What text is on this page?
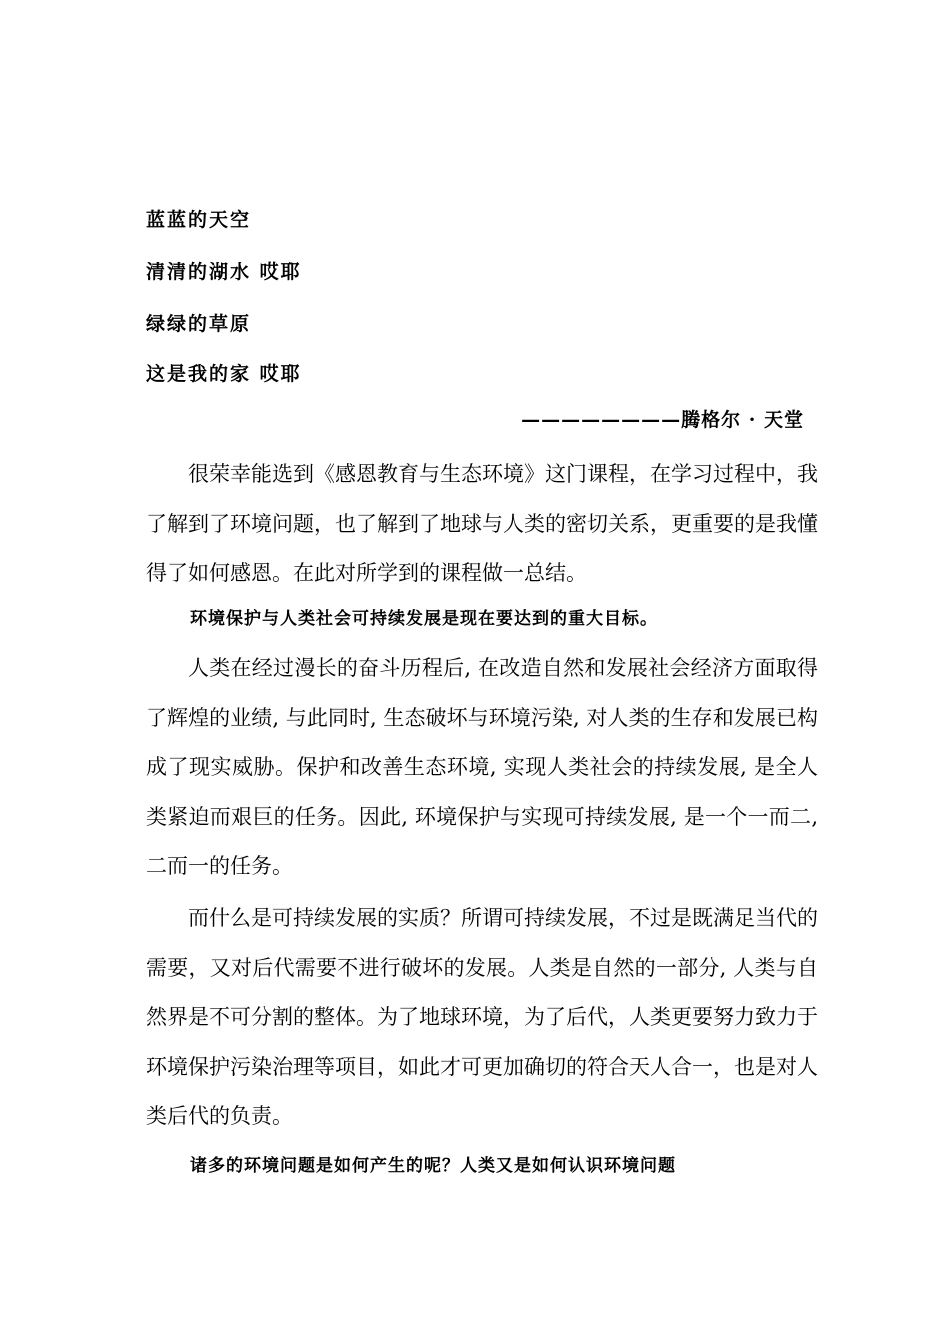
蓝蓝的天空
清清的湖水 哎耶
绿绿的草原
这是我的家 哎耶
————————腾格尔 · 天堂

很荣幸能选到《感恩教育与生态环境》这门课程，在学习过程中，我了解到了环境问题，也了解到了地球与人类的密切关系，更重要的是我懂得了如何感恩。在此对所学到的课程做一总结。

环境保护与人类社会可持续发展是现在要达到的重大目标。

人类在经过漫长的奋斗历程后, 在改造自然和发展社会经济方面取得了辉煌的业绩, 与此同时, 生态破坏与环境污染, 对人类的生存和发展已构成了现实威胁。保护和改善生态环境, 实现人类社会的持续发展, 是全人类紧迫而艰巨的任务。因此, 环境保护与实现可持续发展, 是一个一而二, 二而一的任务。

而什么是可持续发展的实质？所谓可持续发展，不过是既满足当代的需要，又对后代需要不进行破坏的发展。人类是自然的一部分, 人类与自然界是不可分割的整体。为了地球环境，为了后代，人类更要努力致力于环境保护污染治理等项目，如此才可更加确切的符合天人合一，也是对人类后代的负责。

诸多的环境问题是如何产生的呢？人类又是如何认识环境问题
